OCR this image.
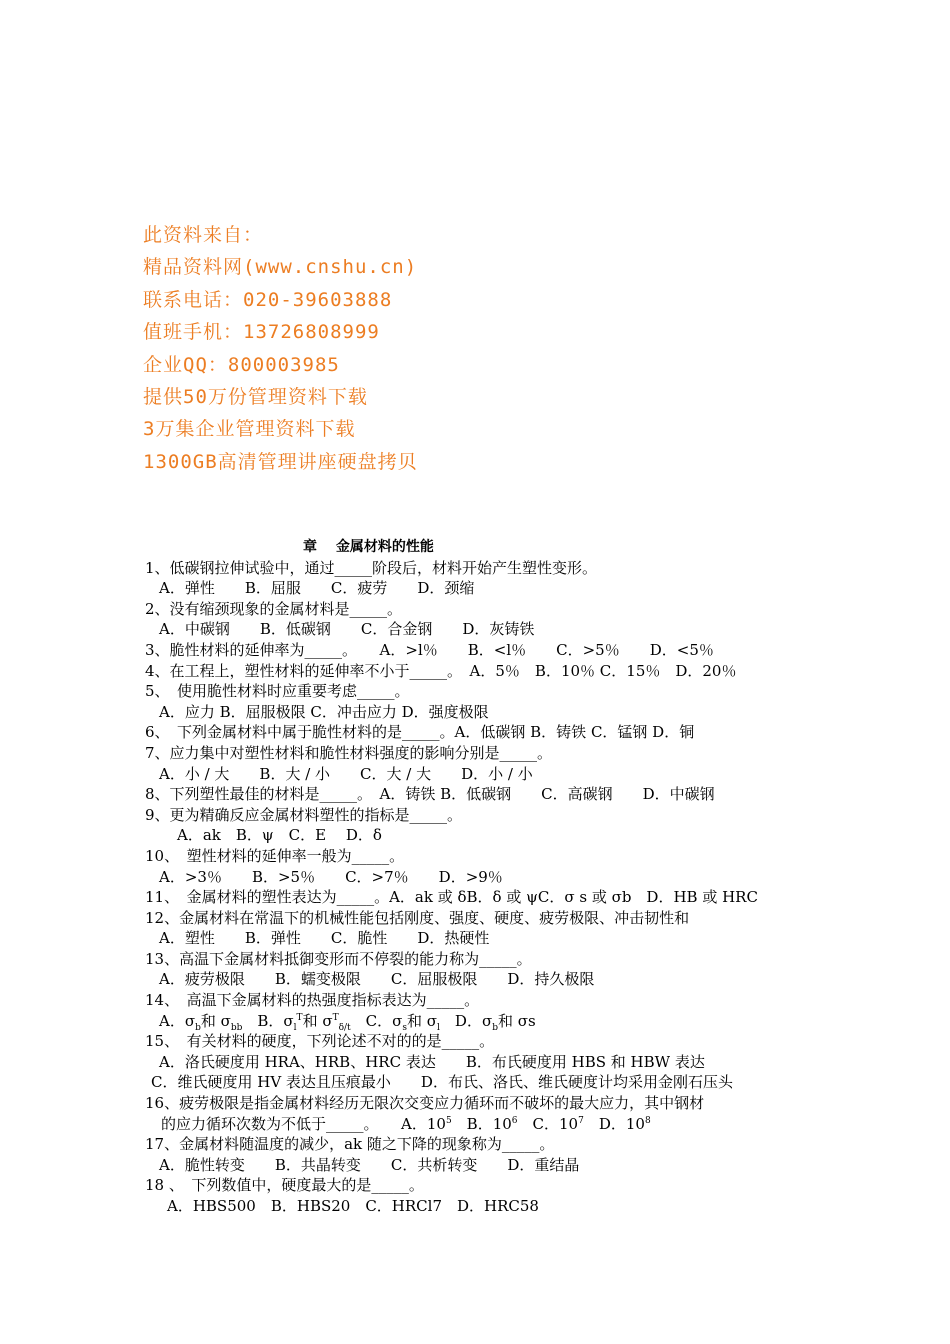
此资料来自：
精品资料网(www.cnshu.cn)
联系电话：020-39603888
值班手机：13726808999
企业QQ：800003985
提供50万份管理资料下载
3万集企业管理资料下载
1300GB高清管理讲座硬盘拷贝
章　 金属材料的性能
1、低碳钢拉伸试验中，通过_____阶段后，材料开始产生塑性变形。
A．弹性　　B．屈服　　C．疲劳　　D．颈缩
2、没有缩颈现象的金属材料是_____。
A．中碳钢　　B．低碳钢　　C．合金钢　　D．灰铸铁
3、脆性材料的延伸率为_____。　　A．>l％　　B．<l％　　C．>5％　　D．<5％
4、在工程上，塑性材料的延伸率不小于_____。　A．5％　B．10％ C．15％　D．20％
5、　使用脆性材料时应重要考虑_____。
A．应力 B．屈服极限 C．冲击应力 D．强度极限
6、　下列金属材料中属于脆性材料的是_____。A．低碳钢 B．铸铁 C．锰钢 D．铜
7、应力集中对塑性材料和脆性材料强度的影响分别是_____。
A．小 / 大　　B．大 / 小　　C．大 / 大　　D．小 / 小
8、下列塑性最佳的材料是_____。　A．铸铁 B．低碳钢　　C．高碳钢　　D．中碳钢
9、更为精确反应金属材料塑性的指标是_____。
A．ak　B．ψ　C．E　 D．δ
10、　塑性材料的延伸率一般为_____。
A．>3％　　B．>5％　　C．>7％　　D．>9％
11、　金属材料的塑性表达为_____。A．ak 或 δB．δ 或 ψC．σ s 或 σb　D．HB 或 HRC
12、金属材料在常温下的机械性能包括刚度、强度、硬度、疲劳极限、冲击韧性和
A．塑性　　B．弹性　　C．脆性　　D．热硬性
13、高温下金属材料抵御变形而不停裂的能力称为_____。
A．疲劳极限　　B．蠕变极限　　C．屈服极限　　D．持久极限
14、　高温下金属材料的热强度指标表达为_____。
A．$\sigma_b$和 $\sigma_{bb}$　B．$\sigma_l^T$和 $\sigma^T_{\delta/t}$　C．$\sigma_s$和 $\sigma_l$　D．$\sigma_b$和 σs
15、　有关材料的硬度，下列论述不对的的是_____。
A．洛氏硬度用 HRA、HRB、HRC 表达　　B．布氏硬度用 HBS 和 HBW 表达
C．维氏硬度用 HV 表达且压痕最小　　D．布氏、洛氏、维氏硬度计均采用金刚石压头
16、疲劳极限是指金属材料经历无限次交变应力循环而不破坏的最大应力，其中钢材
的应力循环次数为不低于_____。　　A．$10^5$　B．$10^6$　C．$10^7$　D．$10^8$
17、金属材料随温度的减少，ak 随之下降的现象称为_____。
A．脆性转变　　B．共晶转变　　C．共析转变　　D．重结晶
18 、　下列数值中，硬度最大的是_____。
A．HBS500　B．HBS20　C．HRCl7　D．HRC58
